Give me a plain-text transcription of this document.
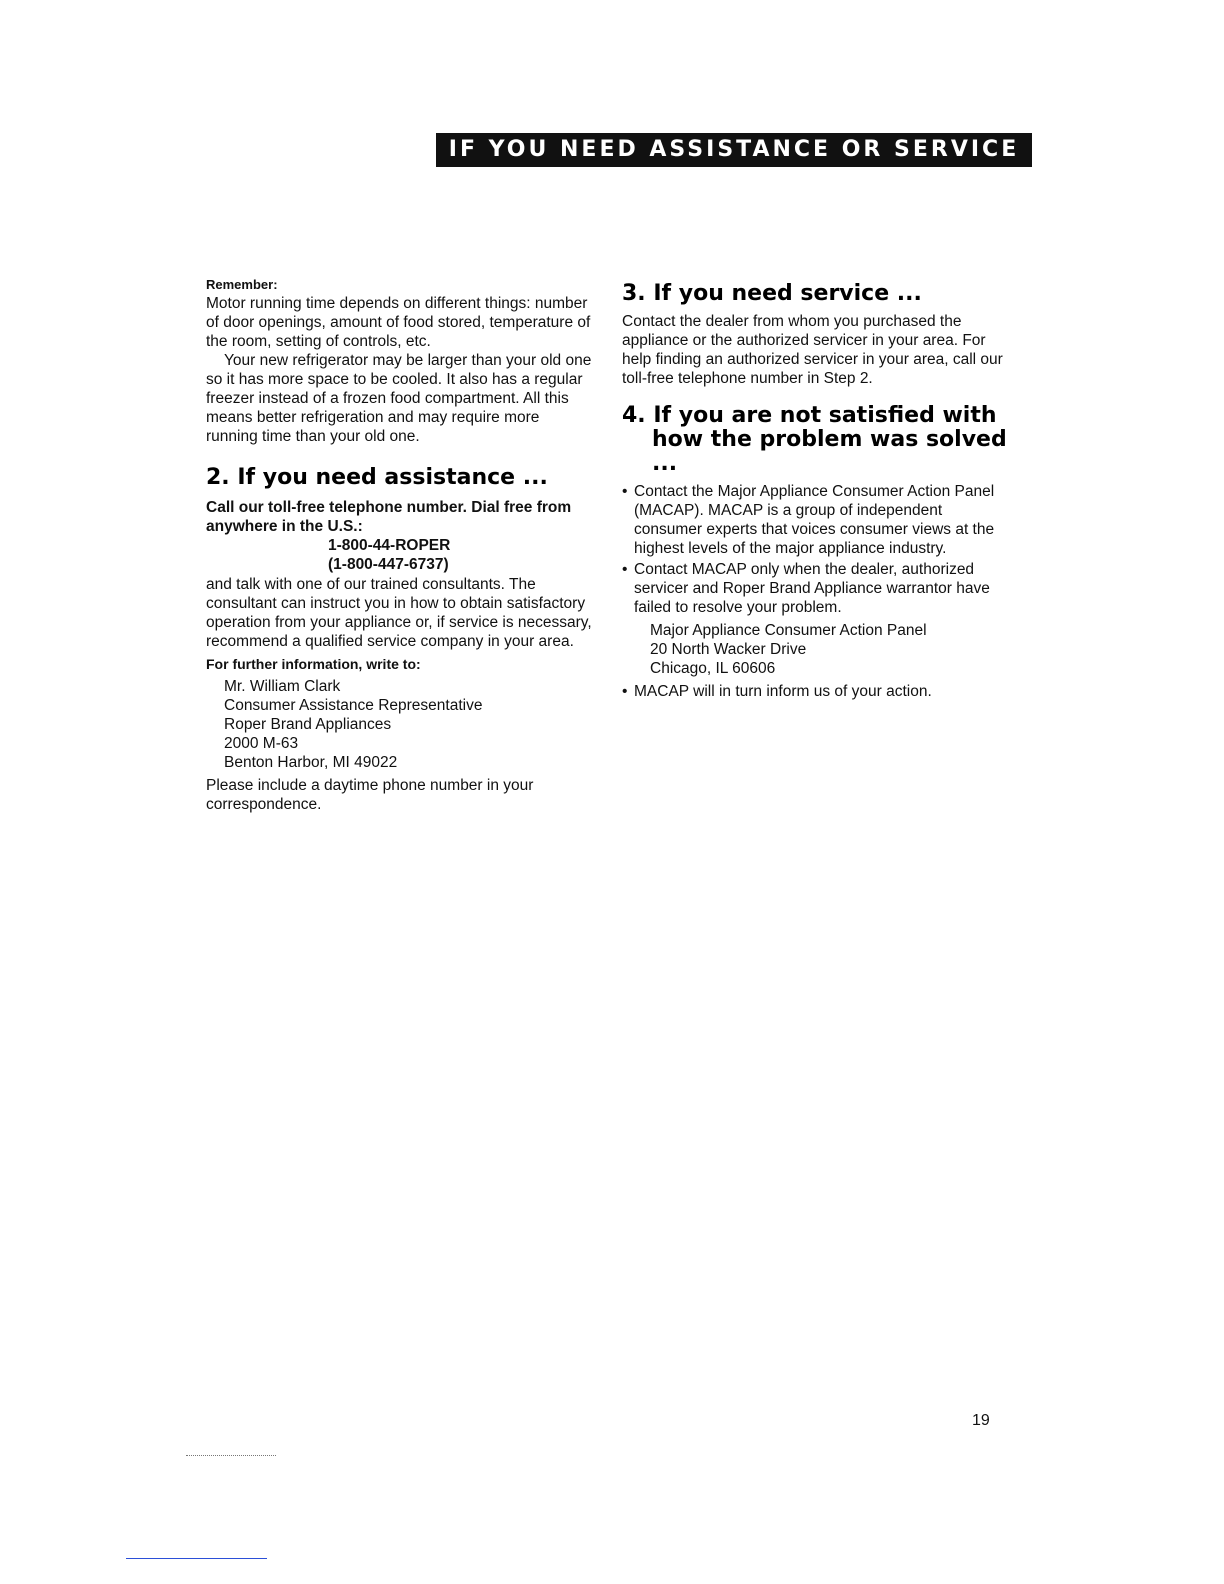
IF YOU NEED ASSISTANCE OR SERVICE

Remember:

Motor running time depends on different things: number of door openings, amount of food stored, temperature of the room, setting of controls, etc.

Your new refrigerator may be larger than your old one so it has more space to be cooled. It also has a regular freezer instead of a frozen food compartment. All this means better refrigeration and may require more running time than your old one.

2. If you need assistance ...

Call our toll-free telephone number. Dial free from anywhere in the U.S.:

1-800-44-ROPER

(1-800-447-6737)

and talk with one of our trained consultants. The consultant can instruct you in how to obtain satisfactory operation from your appliance or, if service is necessary, recommend a qualified service company in your area.

For further information, write to:

Mr. William Clark

Consumer Assistance Representative

Roper Brand Appliances

2000 M-63

Benton Harbor, MI 49022

Please include a daytime phone number in your correspondence.

3. If you need service ...

Contact the dealer from whom you purchased the appliance or the authorized servicer in your area. For help finding an authorized servicer in your area, call our toll-free telephone number in Step 2.

4. If you are not satisfied with how the problem was solved ...
• Contact the Major Appliance Consumer Action Panel (MACAP). MACAP is a group of independent consumer experts that voices consumer views at the highest levels of the major appliance industry.
• Contact MACAP only when the dealer, authorized servicer and Roper Brand Appliance warrantor have failed to resolve your problem.

Major Appliance Consumer Action Panel

20 North Wacker Drive

Chicago, IL 60606

• MACAP will in turn inform us of your action.
19
